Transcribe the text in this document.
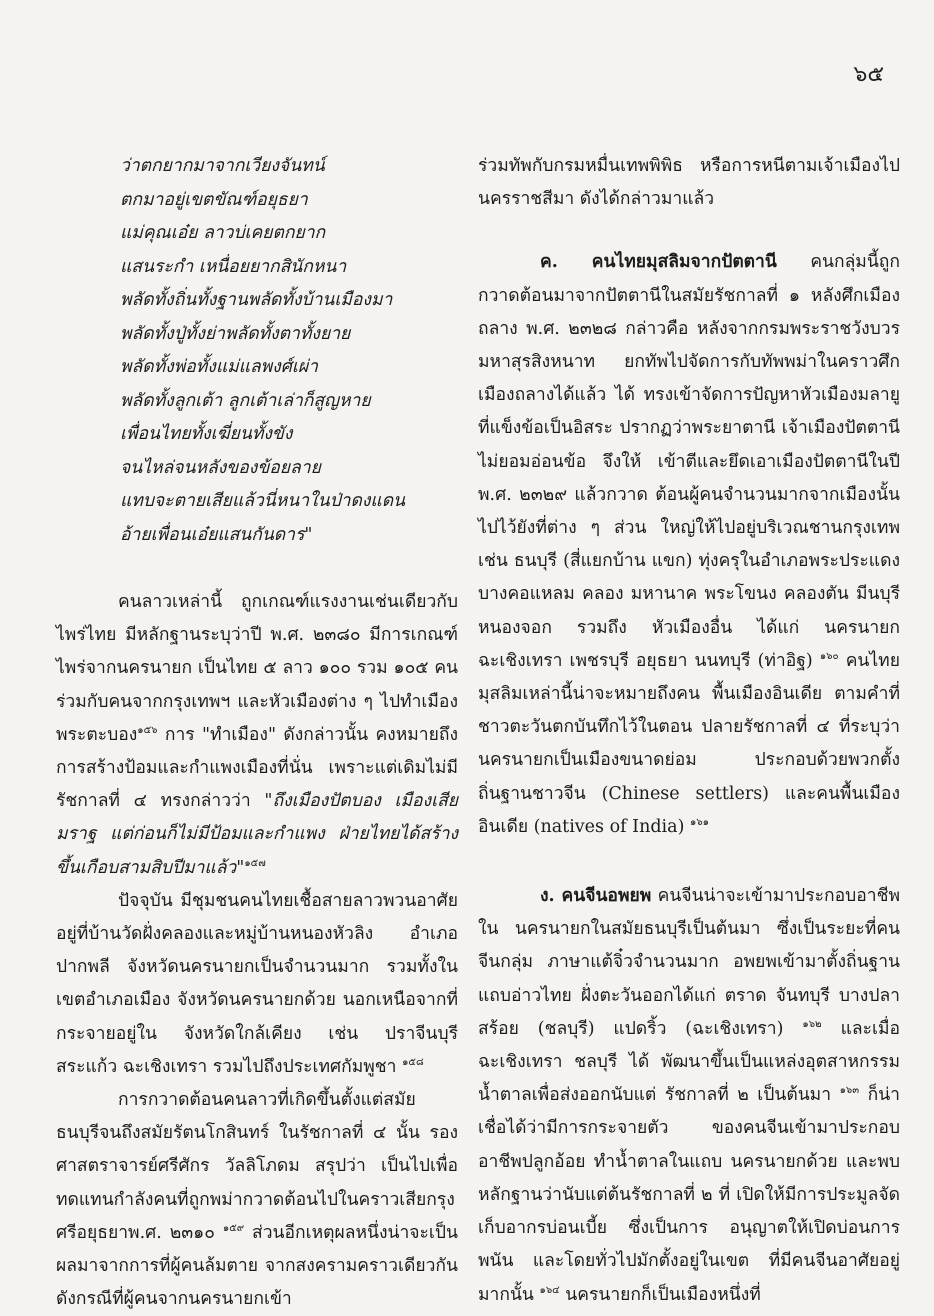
๖๕
ว่าตกยากมาจากเวียงจันทน์
ตกมาอยู่เขตขัณฑ์อยุธยา
แม่คุณเอ๋ย ลาวบ่เคยตกยาก
แสนระกำ เหนื่อยยากสินักหนา
พลัดทั้งถิ่นทั้งฐานพลัดทั้งบ้านเมืองมา
พลัดทั้งปู่ทั้งย่าพลัดทั้งตาทั้งยาย
พลัดทั้งพ่อทั้งแม่แลพงศ์เผ่า
พลัดทั้งลูกเต้า ลูกเต้าเล่าก็สูญหาย
เพื่อนไทยทั้งเฆี่ยนทั้งขัง
จนไหล่จนหลังของข้อยลาย
แทบจะตายเสียแล้วนี่หนาในป่าดงแดน
อ้ายเพื่อนเอ๋ยแสนกันดาร"

คนลาวเหล่านี้ ถูกเกณฑ์แรงงานเช่นเดียวกับไพร่ไทย มีหลักฐานระบุว่าปี พ.ศ. ๒๓๘๐ มีการเกณฑ์ไพร่จากนครนายก เป็นไทย ๕ ลาว ๑๐๐ รวม ๑๐๕ คน ร่วมกับคนจากกรุงเทพฯ และหัวเมืองต่าง ๆ ไปทำเมืองพระตะบอง$^{๑๕๖}$ การ "ทำเมือง" ดังกล่าวนั้น คงหมายถึงการสร้างป้อมและกำแพงเมืองที่นั่น เพราะแต่เดิมไม่มี รัชกาลที่ ๔ ทรงกล่าวว่า "ถึงเมืองปัตบอง เมืองเสียมราฐ แต่ก่อนก็ไม่มีป้อมและกำแพง ฝ่ายไทยได้สร้างขึ้นเกือบสามสิบปีมาแล้ว"$^{๑๕๗}$

ปัจจุบัน มีชุมชนคนไทยเชื้อสายลาวพวนอาศัยอยู่ที่บ้านวัดฝั่งคลองและหมู่บ้านหนองหัวลิง อำเภอปากพลี จังหวัดนครนายกเป็นจำนวนมาก รวมทั้งในเขตอำเภอเมือง จังหวัดนครนายกด้วย นอกเหนือจากที่กระจายอยู่ใน จังหวัดใกล้เคียง เช่น ปราจีนบุรี สระแก้ว ฉะเชิงเทรา รวมไปถึงประเทศกัมพูชา $^{๑๕๘}$

การกวาดต้อนคนลาวที่เกิดขึ้นตั้งแต่สมัยธนบุรีจนถึงสมัยรัตนโกสินทร์ ในรัชกาลที่ ๔ นั้น รองศาสตราจารย์ศรีศักร วัลลิโภดม สรุปว่า เป็นไปเพื่อทดแทนกำลังคนที่ถูกพม่ากวาดต้อนไปในคราวเสียกรุงศรีอยุธยาพ.ศ. ๒๓๑๐ $^{๑๕๙}$ ส่วนอีกเหตุผลหนึ่งน่าจะเป็นผลมาจากการที่ผู้คนล้มตาย จากสงครามคราวเดียวกัน ดังกรณีที่ผู้คนจากนครนายกเข้า

ร่วมทัพกับกรมหมื่นเทพพิพิธ หรือการหนีตามเจ้าเมืองไป นครราชสีมา ดังได้กล่าวมาแล้ว

ค. คนไทยมุสลิมจากปัตตานี คนกลุ่มนี้ถูกกวาดต้อนมาจากปัตตานีในสมัยรัชกาลที่ ๑ หลังศึกเมืองถลาง พ.ศ. ๒๓๒๘ กล่าวคือ หลังจากกรมพระราชวังบวรมหาสุรสิงหนาท ยกทัพไปจัดการกับทัพพม่าในคราวศึกเมืองถลางได้แล้ว ได้ ทรงเข้าจัดการปัญหาหัวเมืองมลายูที่แข็งข้อเป็นอิสระ ปรากฏว่าพระยาตานี เจ้าเมืองปัตตานีไม่ยอมอ่อนข้อ จึงให้ เข้าตีและยึดเอาเมืองปัตตานีในปี พ.ศ. ๒๓๒๙ แล้วกวาด ต้อนผู้คนจำนวนมากจากเมืองนั้นไปไว้ยังที่ต่าง ๆ ส่วน ใหญ่ให้ไปอยู่บริเวณชานกรุงเทพ เช่น ธนบุรี (สี่แยกบ้าน แขก) ทุ่งครุในอำเภอพระประแดง บางคอแหลม คลอง มหานาค พระโขนง คลองตัน มีนบุรี หนองจอก รวมถึง หัวเมืองอื่น ได้แก่ นครนายก ฉะเชิงเทรา เพชรบุรี อยุธยา นนทบุรี (ท่าอิฐ) $^{๑๖๐}$ คนไทยมุสลิมเหล่านี้น่าจะหมายถึงคน พื้นเมืองอินเดีย ตามคำที่ชาวตะวันตกบันทึกไว้ในตอน ปลายรัชกาลที่ ๔ ที่ระบุว่านครนายกเป็นเมืองขนาดย่อม ประกอบด้วยพวกตั้งถิ่นฐานชาวจีน (Chinese settlers) และคนพื้นเมืองอินเดีย (natives of India) $^{๑๖๑}$

ง. คนจีนอพยพ คนจีนน่าจะเข้ามาประกอบอาชีพใน นครนายกในสมัยธนบุรีเป็นต้นมา ซึ่งเป็นระยะที่คนจีนกลุ่ม ภาษาแต้จิ๋วจำนวนมาก อพยพเข้ามาตั้งถิ่นฐานแถบอ่าวไทย ฝั่งตะวันออกได้แก่ ตราด จันทบุรี บางปลาสร้อย (ชลบุรี) แปดริ้ว (ฉะเชิงเทรา) $^{๑๖๒}$ และเมื่อฉะเชิงเทรา ชลบุรี ได้ พัฒนาขึ้นเป็นแหล่งอุตสาหกรรมน้ำตาลเพื่อส่งออกนับแต่ รัชกาลที่ ๒ เป็นต้นมา $^{๑๖๓}$ ก็น่าเชื่อได้ว่ามีการกระจายตัว ของคนจีนเข้ามาประกอบอาชีพปลูกอ้อย ทำน้ำตาลในแถบ นครนายกด้วย และพบหลักฐานว่านับแต่ต้นรัชกาลที่ ๒ ที่ เปิดให้มีการประมูลจัดเก็บอากรบ่อนเบี้ย ซึ่งเป็นการ อนุญาตให้เปิดบ่อนการพนัน และโดยทั่วไปมักตั้งอยู่ในเขต ที่มีคนจีนอาศัยอยู่มากนั้น $^{๑๖๔}$ นครนายกก็เป็นเมืองหนึ่งที่
